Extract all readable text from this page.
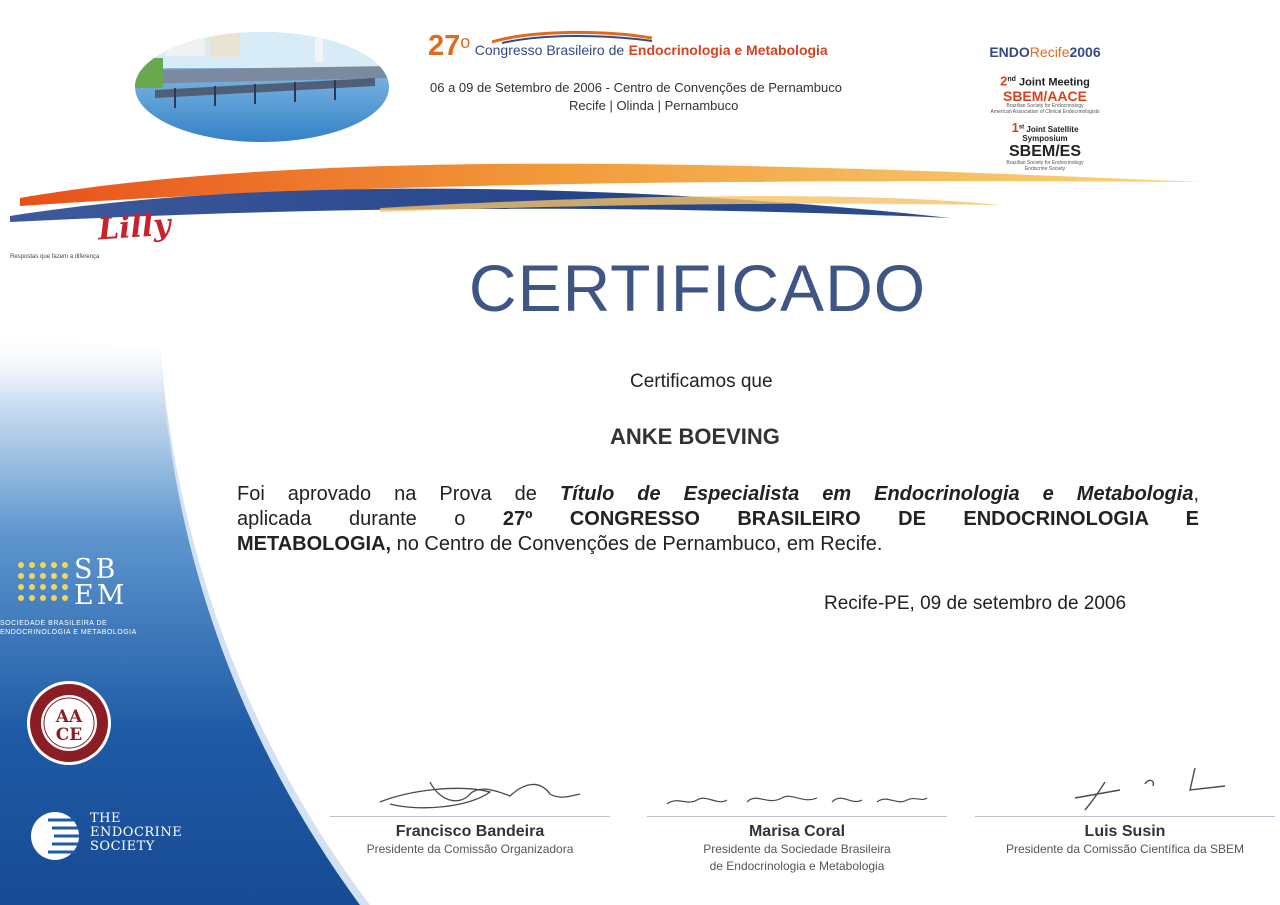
27o Congresso Brasileiro de Endocrinologia e Metabologia
06 a 09 de Setembro de 2006 - Centro de Convenções de Pernambuco
Recife | Olinda | Pernambuco
ENDORecife2006
2nd Joint Meeting
SBEM/AACE
Brazilian Society for Endocrinology
American Association of Clinical Endocrinologists
1st Joint Satellite
Symposium
SBEM/ES
Brazilian Society for Endocrinology
Endocrine Society
Lilly
Respostas que fazem a diferença	CERTIFICADO
Certificamos que
ANKE BOEVING
Foi aprovado na Prova de Título de Especialista em Endocrinologia e Metabologia,
aplicada durante o 27º CONGRESSO BRASILEIRO DE ENDOCRINOLOGIA E
METABOLOGIA, no Centro de Convenções de Pernambuco, em Recife.
Recife-PE, 09 de setembro de 2006
SB
EM
SOCIEDADE BRASILEIRA DE
ENDOCRINOLOGIA E METABOLOGIA
AA
CE
THE
ENDOCRINE
SOCIETY
Francisco Bandeira
Presidente da Comissão Organizadora
Marisa Coral
Presidente da Sociedade Brasileira
de Endocrinologia e Metabologia
Luis Susin
Presidente da Comissão Científica da SBEM
